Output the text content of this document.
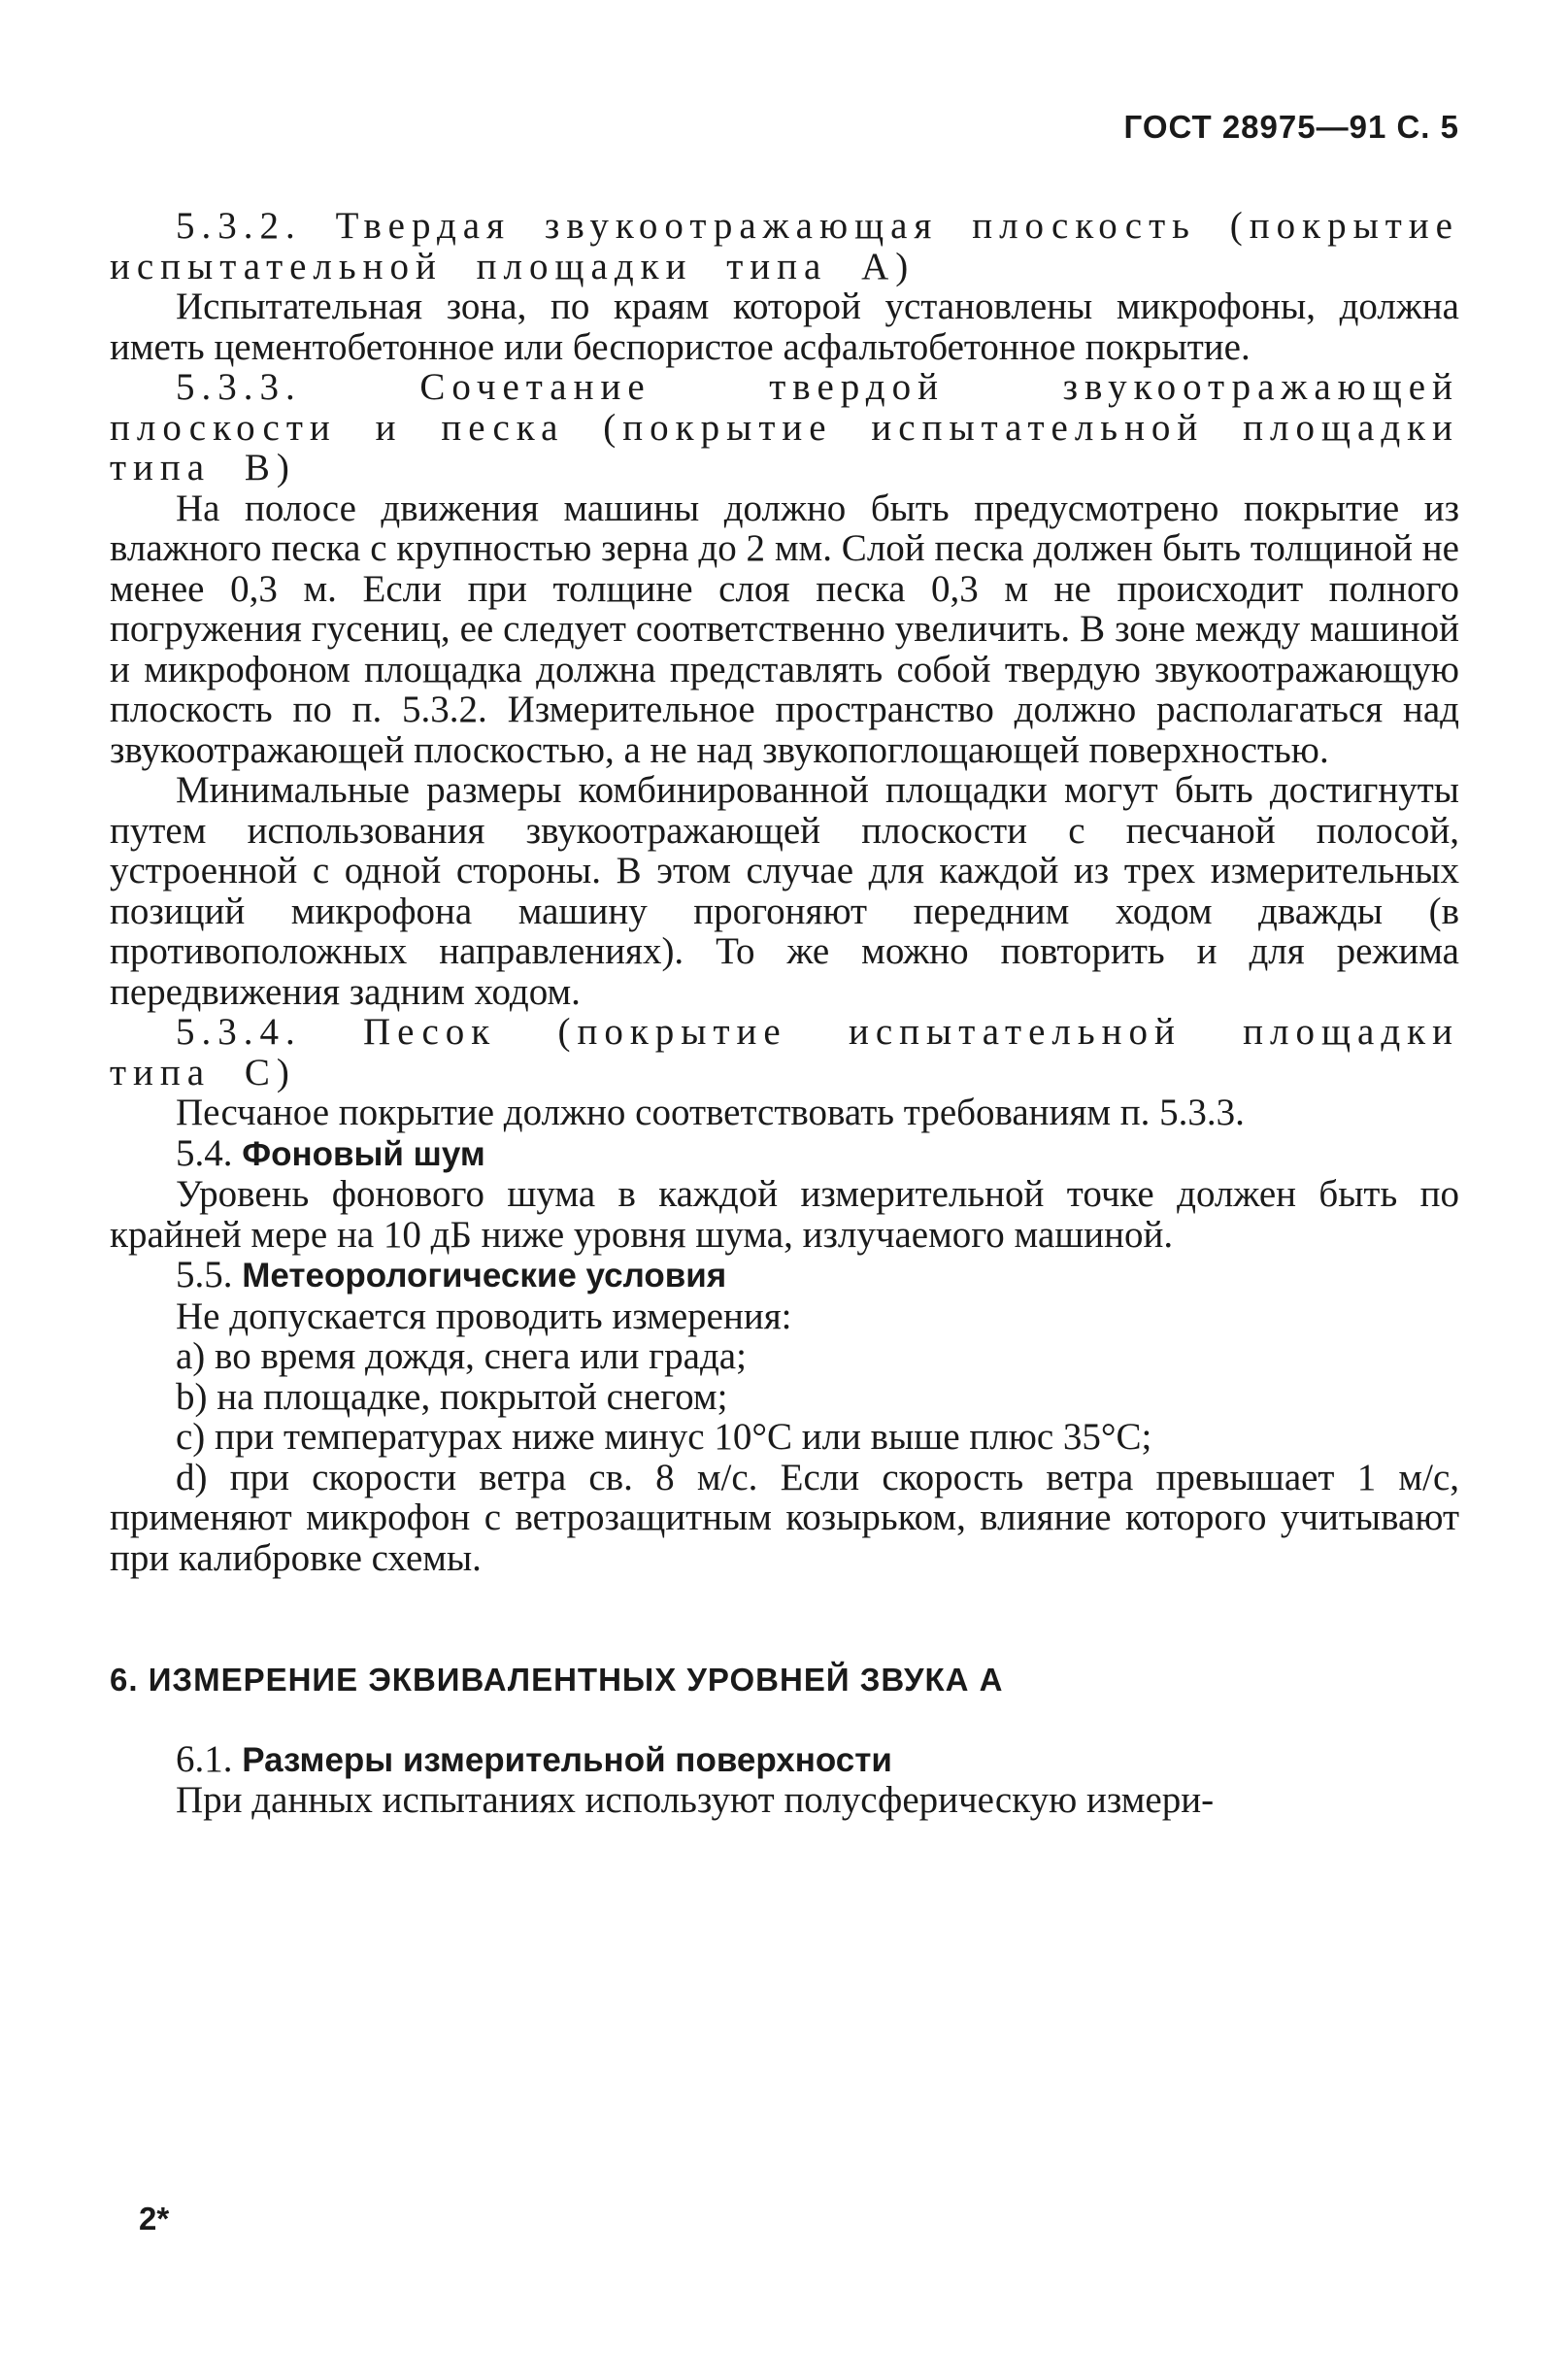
ГОСТ 28975—91 С. 5

5.3.2. Твердая звукоотражающая плоскость (покрытие испытательной площадки типа А)

Испытательная зона, по краям которой установлены микрофоны, должна иметь цементобетонное или беспористое асфальтобетонное покрытие.

5.3.3. Сочетание твердой звукоотражающей плоскости и песка (покрытие испытательной площадки типа В)

На полосе движения машины должно быть предусмотрено покрытие из влажного песка с крупностью зерна до 2 мм. Слой песка должен быть толщиной не менее 0,3 м. Если при толщине слоя песка 0,3 м не происходит полного погружения гусениц, ее следует соответственно увеличить. В зоне между машиной и микрофоном площадка должна представлять собой твердую звукоотражающую плоскость по п. 5.3.2. Измерительное пространство должно располагаться над звукоотражающей плоскостью, а не над звукопоглощающей поверхностью.

Минимальные размеры комбинированной площадки могут быть достигнуты путем использования звукоотражающей плоскости с песчаной полосой, устроенной с одной стороны. В этом случае для каждой из трех измерительных позиций микрофона машину прогоняют передним ходом дважды (в противоположных направлениях). То же можно повторить и для режима передвижения задним ходом.

5.3.4. Песок (покрытие испытательной площадки типа С)

Песчаное покрытие должно соответствовать требованиям п. 5.3.3.

5.4. Фоновый шум

Уровень фонового шума в каждой измерительной точке должен быть по крайней мере на 10 дБ ниже уровня шума, излучаемого машиной.

5.5. Метеорологические условия

Не допускается проводить измерения:

а) во время дождя, снега или града;

b) на площадке, покрытой снегом;

с) при температурах ниже минус 10°С или выше плюс 35°С;

d) при скорости ветра св. 8 м/с. Если скорость ветра превышает 1 м/с, применяют микрофон с ветрозащитным козырьком, влияние которого учитывают при калибровке схемы.

6. ИЗМЕРЕНИЕ ЭКВИВАЛЕНТНЫХ УРОВНЕЙ ЗВУКА А

6.1. Размеры измерительной поверхности

При данных испытаниях используют полусферическую измери-

2*
